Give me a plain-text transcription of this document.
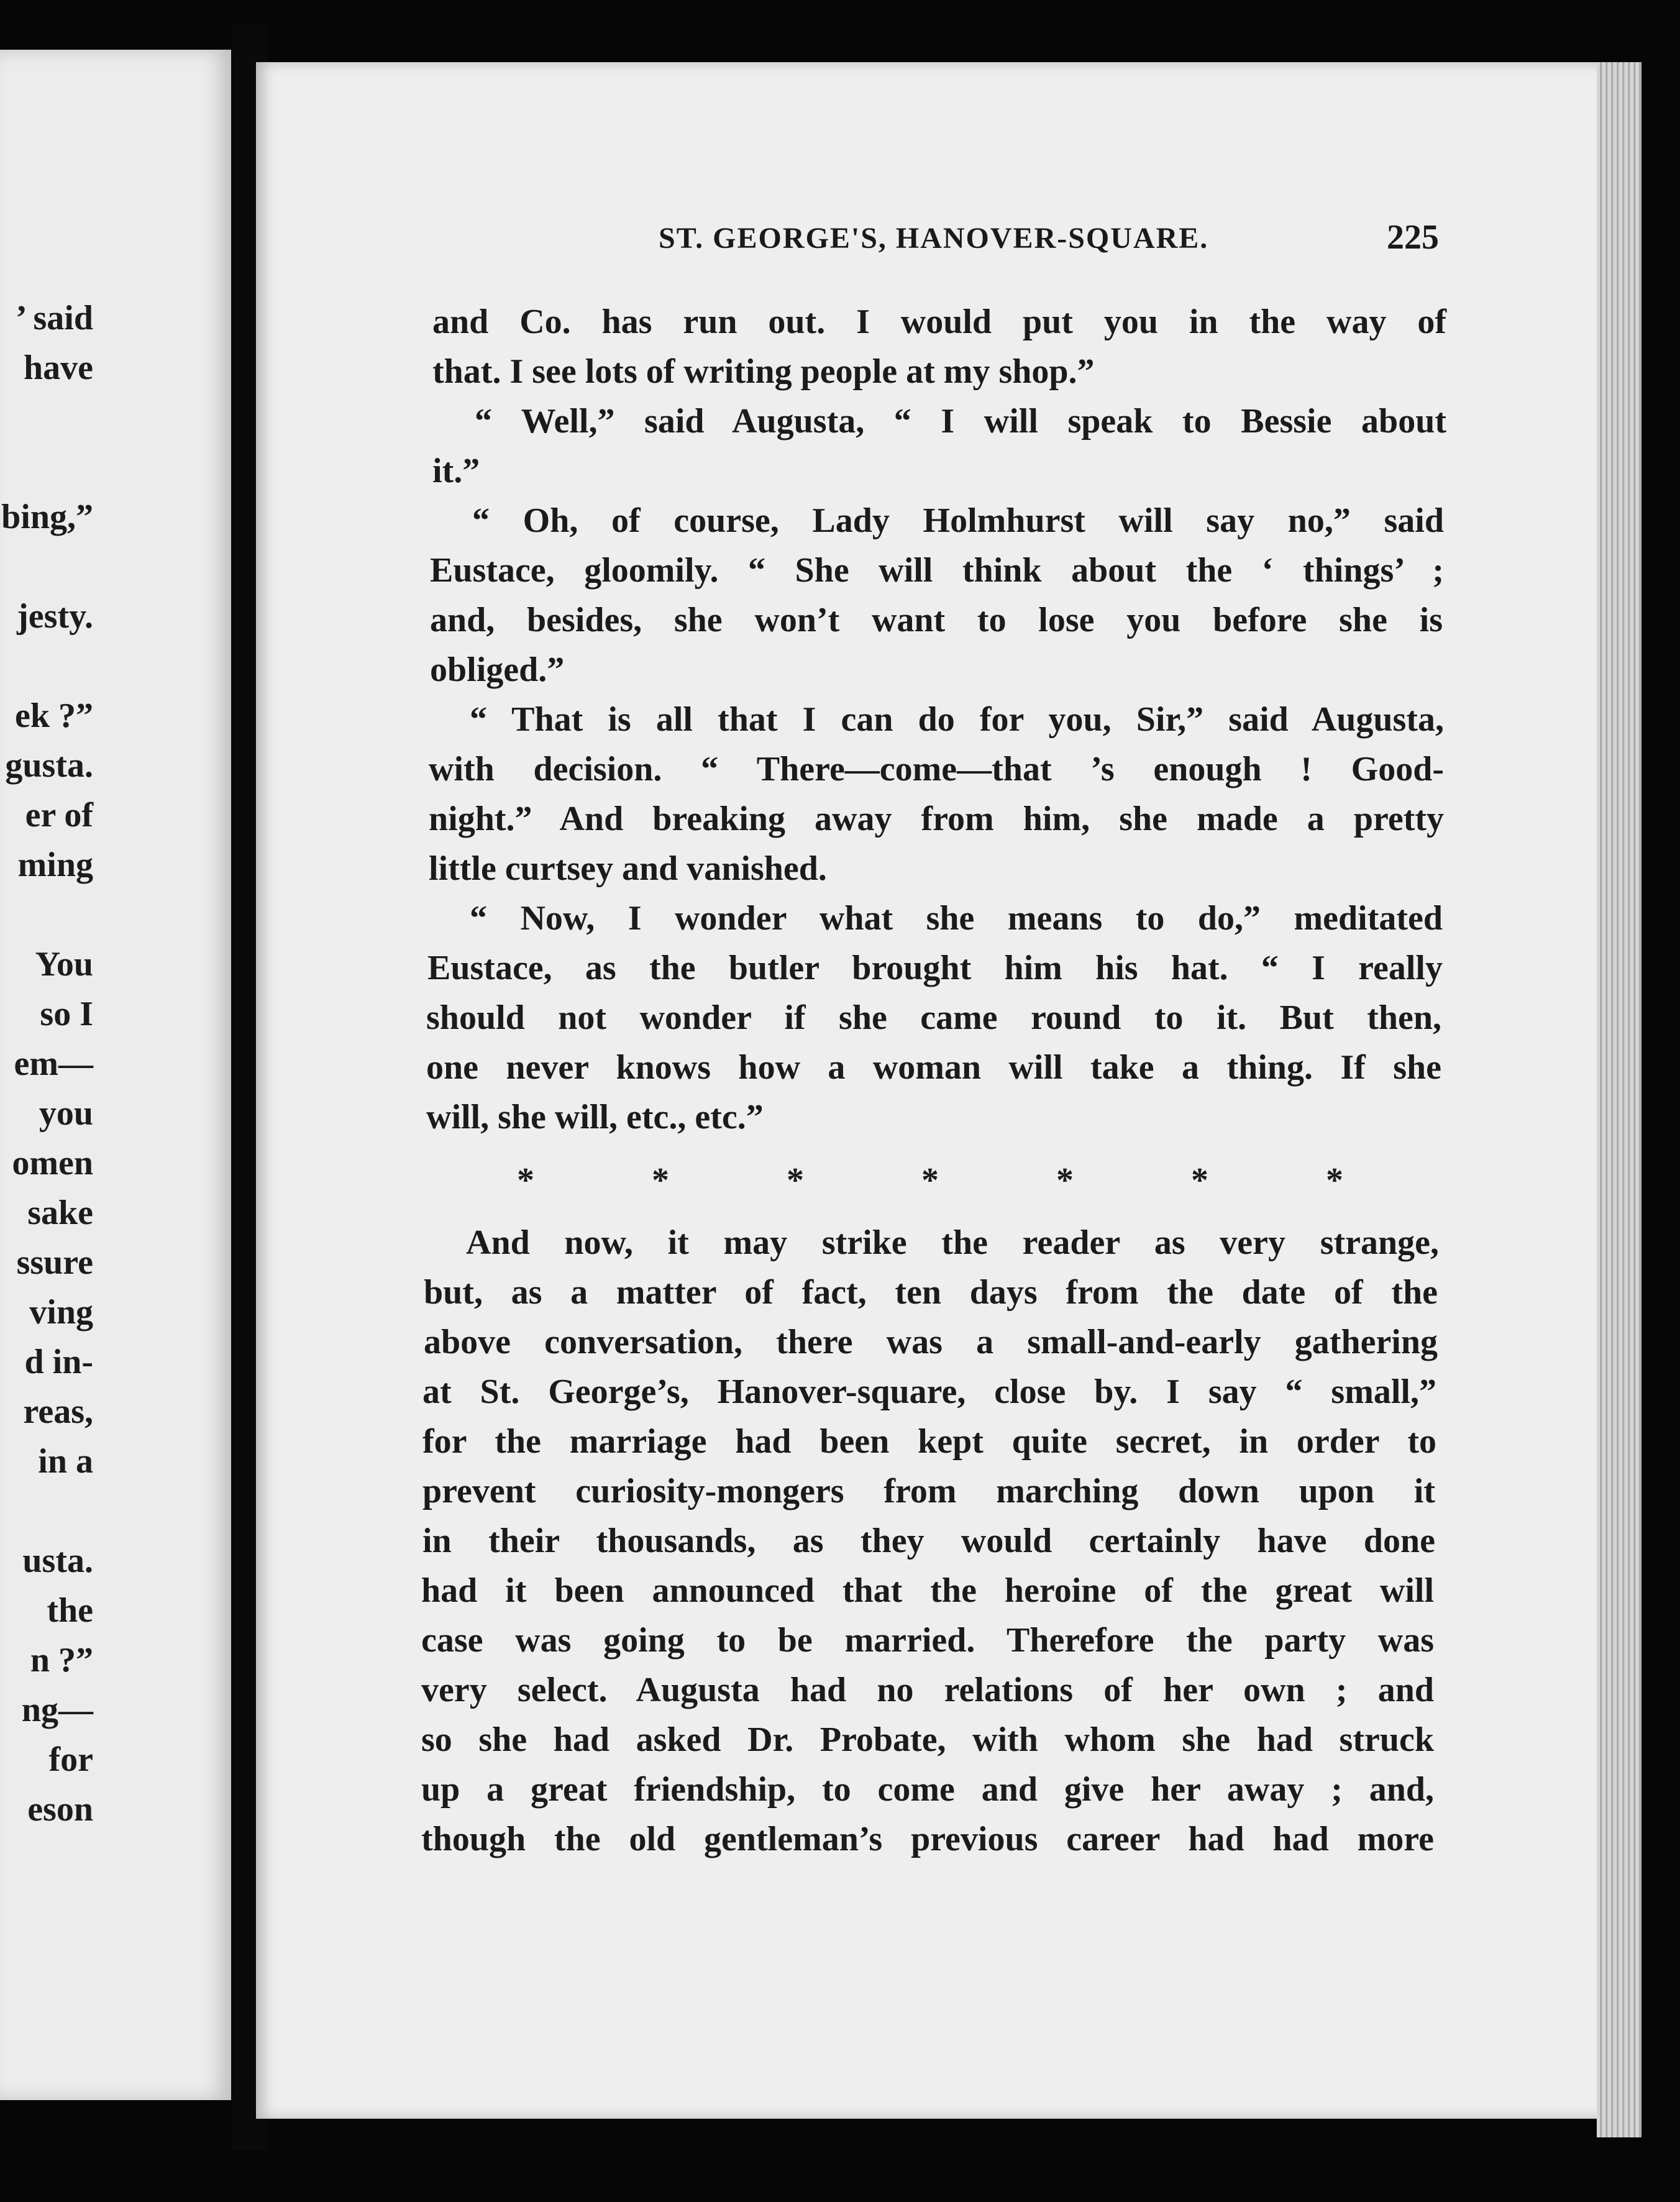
’ said
have
bing,”
jesty.
ek ?”
gusta.
er of
ming
You
so I
em—
you
omen
sake
ssure
ving
d in-
reas,
in a
usta.
the
n ?”
ng—
for
eson
ST. GEORGE'S, HANOVER-SQUARE.	225
and Co. has run out. I would put you in the way of
that. I see lots of writing people at my shop.”
“ Well,” said Augusta, “ I will speak to Bessie about
it.”
“ Oh, of course, Lady Holmhurst will say no,” said
Eustace, gloomily. “ She will think about the ‘ things’ ;
and, besides, she won’t want to lose you before she is
obliged.”
“ That is all that I can do for you, Sir,” said Augusta,
with decision. “ There—come—that ’s enough ! Good-
night.” And breaking away from him, she made a pretty
little curtsey and vanished.
“ Now, I wonder what she means to do,” meditated
Eustace, as the butler brought him his hat. “ I really
should not wonder if she came round to it. But then,
one never knows how a woman will take a thing. If she
will, she will, etc., etc.”
*	*	*	*	*	*	*
And now, it may strike the reader as very strange,
but, as a matter of fact, ten days from the date of the
above conversation, there was a small-and-early gathering
at St. George’s, Hanover-square, close by. I say “ small,”
for the marriage had been kept quite secret, in order to
prevent curiosity-mongers from marching down upon it
in their thousands, as they would certainly have done
had it been announced that the heroine of the great will
case was going to be married. Therefore the party was
very select. Augusta had no relations of her own ; and
so she had asked Dr. Probate, with whom she had struck
up a great friendship, to come and give her away ; and,
though the old gentleman’s previous career had had more
